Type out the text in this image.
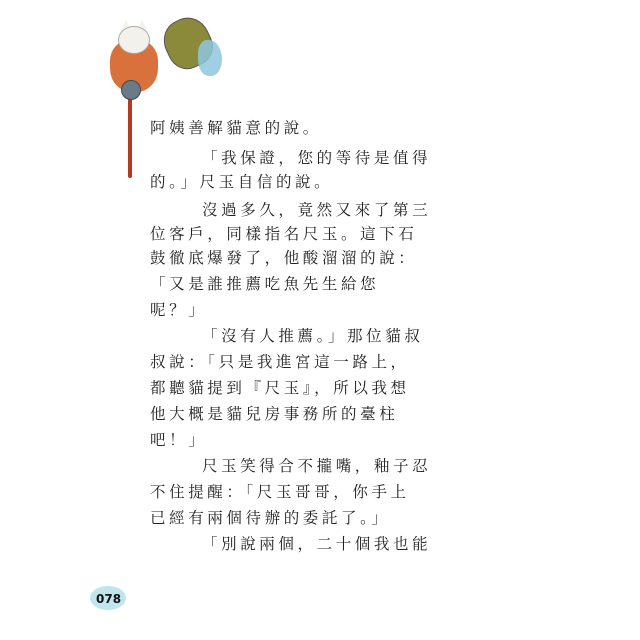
阿姨善解貓意的說。
「我保證，您的等待是值得
的。」尺玉自信的說。
沒過多久，竟然又來了第三
位客戶，同樣指名尺玉。這下石
鼓徹底爆發了，他酸溜溜的說：
「又是誰推薦吃魚先生給您
呢？」
「沒有人推薦。」那位貓叔
叔說：「只是我進宮這一路上，
都聽貓提到『尺玉』，所以我想
他大概是貓兒房事務所的臺柱
吧！」
尺玉笑得合不攏嘴，釉子忍
不住提醒：「尺玉哥哥，你手上
已經有兩個待辦的委託了。」
「別說兩個，二十個我也能
078
